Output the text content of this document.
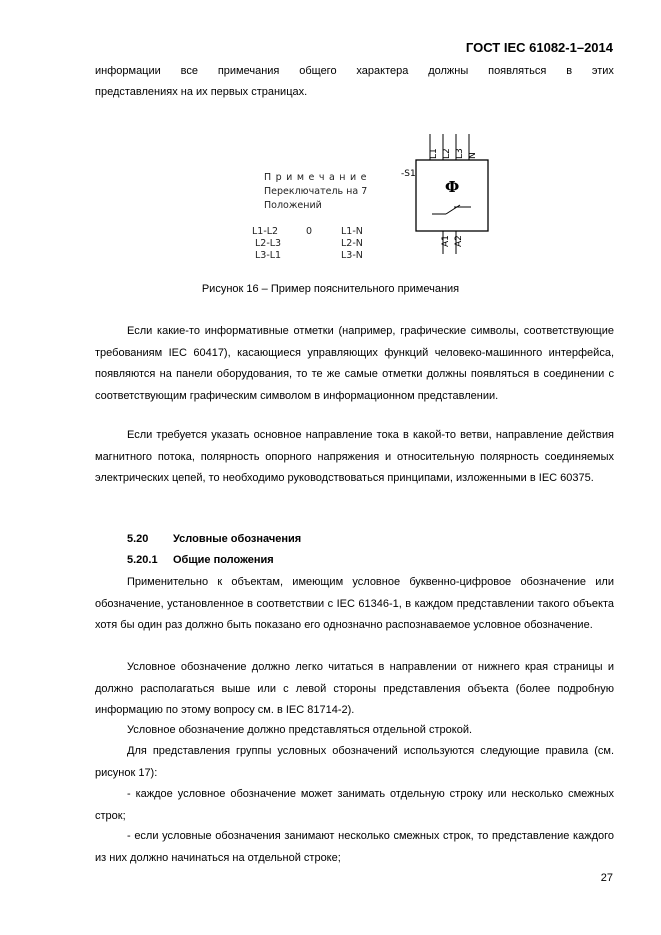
ГОСТ IEC 61082-1–2014
информации все примечания общего характера должны появляться в этих
представлениях на их первых страницах.
Примечание
Переключатель на 7
Положений
L1-L2
L2-L3
L3-L1
0	L1-N
L2-N
L3-N
-S1
L1 L2 L3 N
Ф
A1 A2
Рисунок 16 – Пример пояснительного примечания

Если какие-то информативные отметки (например, графические символы, соответствующие требованиям IEC 60417), касающиеся управляющих функций человеко-машинного интерфейса, появляются на панели оборудования, то те же самые отметки должны появляться в соединении с соответствующим графическим символом в информационном представлении.

Если требуется указать основное направление тока в какой-то ветви, направление действия магнитного потока, полярность опорного напряжения и относительную полярность соединяемых электрических цепей, то необходимо руководствоваться принципами, изложенными в IEC 60375.

5.20 Условные обозначения
5.20.1 Общие положения

Применительно к объектам, имеющим условное буквенно-цифровое обозначение или обозначение, установленное в соответствии с IEC 61346-1, в каждом представлении такого объекта хотя бы один раз должно быть показано его однозначно распознаваемое условное обозначение.

Условное обозначение должно легко читаться в направлении от нижнего края страницы и должно располагаться выше или с левой стороны представления объекта (более подробную информацию по этому вопросу см. в IEC 81714-2).

Условное обозначение должно представляться отдельной строкой.

Для представления группы условных обозначений используются следующие правила (см. рисунок 17):

- каждое условное обозначение может занимать отдельную строку или несколько смежных строк;

- если условные обозначения занимают несколько смежных строк, то представление каждого из них должно начинаться на отдельной строке;

27
